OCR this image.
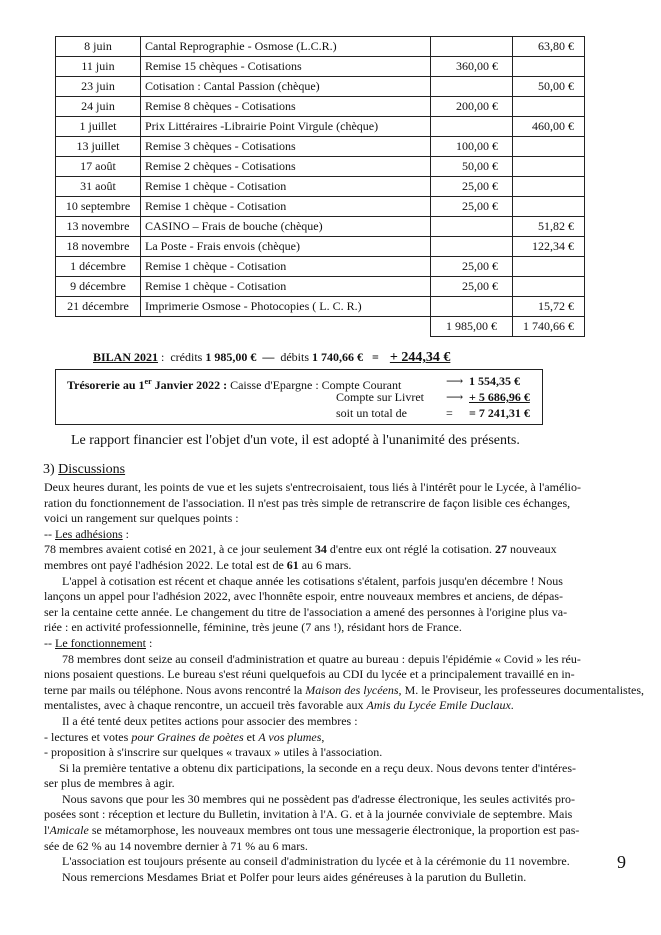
8 juin	Cantal Reprographie - Osmose (L.C.R.)		63,80 €
11 juin	Remise 15 chèques - Cotisations	360,00 €	
23 juin	Cotisation : Cantal Passion (chèque)		50,00 €
24 juin	Remise 8 chèques - Cotisations	200,00 €	
1 juillet	Prix Littéraires -Librairie Point Virgule (chèque)		460,00 €
13 juillet	Remise 3 chèques - Cotisations	100,00 €	
17 août	Remise 2 chèques - Cotisations	50,00 €	
31 août	Remise 1 chèque - Cotisation	25,00 €	
10 septembre	Remise 1 chèque - Cotisation	25,00 €	
13 novembre	CASINO – Frais de bouche (chèque)		51,82 €
18 novembre	La Poste - Frais envois (chèque)		122,34 €
1 décembre	Remise 1 chèque - Cotisation	25,00 €	
9 décembre	Remise 1 chèque - Cotisation	25,00 €	
21 décembre	Imprimerie Osmose - Photocopies ( L. C. R.)		15,72 €
		1 985,00 €	1 740,66 €
BILAN 2021 : crédits 1 985,00 € — débits 1 740,66 € = + 244,34 €
Trésorerie au 1er Janvier 2022 : Caisse d'Epargne : Compte Courant	⟶ 1 554,35 €
Compte sur Livret ⟶ + 5 686,96 €
soit un total de	= = 7 241,31 €
Le rapport financier est l'objet d'un vote, il est adopté à l'unanimité des présents.
3) Discussions
Deux heures durant, les points de vue et les sujets s'entrecroisaient, tous liés à l'intérêt pour le Lycée, à l'amélio-
ration du fonctionnement de l'association. Il n'est pas très simple de retranscrire de façon lisible ces échanges,
voici un rangement sur quelques points :
-- Les adhésions :
78 membres avaient cotisé en 2021, à ce jour seulement 34 d'entre eux ont réglé la cotisation. 27 nouveaux
membres ont payé l'adhésion 2022. Le total est de 61 au 6 mars.
L'appel à cotisation est récent et chaque année les cotisations s'étalent, parfois jusqu'en décembre ! Nous
lançons un appel pour l'adhésion 2022, avec l'honnête espoir, entre nouveaux membres et anciens, de dépas-
ser la centaine cette année. Le changement du titre de l'association a amené des personnes à l'origine plus va-
riée : en activité professionnelle, féminine, très jeune (7 ans !), résidant hors de France.
-- Le fonctionnement :
78 membres dont seize au conseil d'administration et quatre au bureau : depuis l'épidémie « Covid » les réu-
nions posaient questions. Le bureau s'est réuni quelquefois au CDI du lycée et a principalement travaillé en in-
terne par mails ou téléphone. Nous avons rencontré la Maison des lycéens, M. le Proviseur, les professeures documentalistes,
mentalistes, avec à chaque rencontre, un accueil très favorable aux Amis du Lycée Emile Duclaux.
Il a été tenté deux petites actions pour associer des membres :
- lectures et votes pour Graines de poètes et A vos plumes,
- proposition à s'inscrire sur quelques « travaux » utiles à l'association.
Si la première tentative a obtenu dix participations, la seconde en a reçu deux. Nous devons tenter d'intéres-
ser plus de membres à agir.
Nous savons que pour les 30 membres qui ne possèdent pas d'adresse électronique, les seules activités pro-
posées sont : réception et lecture du Bulletin, invitation à l'A. G. et à la journée conviviale de septembre. Mais
l'Amicale se métamorphose, les nouveaux membres ont tous une messagerie électronique, la proportion est pas-
sée de 62 % au 14 novembre dernier à 71 % au 6 mars.
L'association est toujours présente au conseil d'administration du lycée et à la cérémonie du 11 novembre.
Nous remercions Mesdames Briat et Polfer pour leurs aides généreuses à la parution du Bulletin.
9
